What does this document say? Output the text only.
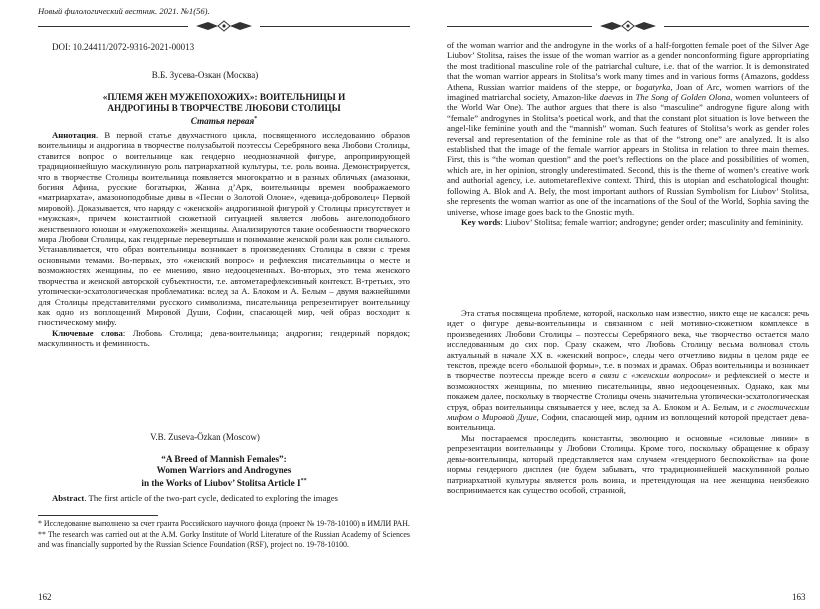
Новый филологический вестник. 2021. №1(56).
DOI: 10.24411/2072-9316-2021-00013
В.Б. Зусева-Озкан (Москва)
«ПЛЕМЯ ЖЕН МУЖЕПОХОЖИХ»: ВОИТЕЛЬНИЦЫ И
АНДРОГИНЫ В ТВОРЧЕСТВЕ ЛЮБОВИ СТОЛИЦЫ
Статья первая*

Аннотация. В первой статье двухчастного цикла, посвященного исследованию образов воительницы и андрогина в творчестве полузабытой поэтессы Серебряного века Любови Столицы, ставится вопрос о воительнице как гендерно неоднозначной фигуре, апроприирующей традиционнейшую маскулинную роль патриархатной культуры, т.е. роль воина. Демонстрируется, что в творчестве Столицы воительница появляется многократно и в разных обличьях (амазонки, богиня Афина, русские богатырки, Жанна д’Арк, воительницы времен воображаемого «матриархата», амазоноподобные дивы в «Песни о Золотой Олоне», «девица-доброволец» Первой мировой). Доказывается, что наряду с «женской» андрогинной фигурой у Столицы присутствует и «мужская», причем константной сюжетной ситуацией является любовь ангелоподобного женственного юноши и «мужепохожей» женщины. Анализируются такие особенности творческого мира Любови Столицы, как гендерные перевертыши и понимание женской роли как роли сильного. Устанавливается, что образ воительницы возникает в произведениях Столицы в связи с тремя основными темами. Во-первых, это «женский вопрос» и рефлексия писательницы о месте и возможностях женщины, по ее мнению, явно недооцененных. Во-вторых, это тема женского творчества и женской авторской субъектности, т.е. автометарефлексивный контекст. В-третьих, это утопически-эсхатологическая проблематика: вслед за А. Блоком и А. Белым – двумя важнейшими для Столицы представителями русского символизма, писательница репрезентирует воительницу как одно из воплощений Мировой Души, Софии, спасающей мир, чей образ восходит к гностическому мифу.

Ключевые слова: Любовь Столица; дева-воительница; андрогин; гендерный порядок; маскулинность и феминность.

V.B. Zuseva-Özkan (Moscow)
“A Breed of Mannish Females”:
Women Warriors and Androgynes
in the Works of Liubov’ Stolitsa Article I**

Abstract. The first article of the two-part cycle, dedicated to exploring the images

* Исследование выполнено за счет гранта Российского научного фонда (проект № 19-78-10100) в ИМЛИ РАН.

** The research was carried out at the A.M. Gorky Institute of World Literature of the Russian Academy of Sciences and was financially supported by the Russian Science Foundation (RSF), project no. 19-78-10100.

162

of the woman warrior and the androgyne in the works of a half-forgotten female poet of the Silver Age Liubov’ Stolitsa, raises the issue of the woman warrior as a gender nonconforming figure appropriating the most traditional masculine role of the patriarchal culture, i.e. that of the warrior. It is demonstrated that the woman warrior appears in Stolitsa’s work many times and in various forms (Amazons, goddess Athena, Russian warrior maidens of the steppe, or bogatyrka, Joan of Arc, women warriors of the imagined matriarchal society, Amazon-like daevas in The Song of Golden Olona, women volunteers of the World War One). The author argues that there is also “masculine” androgyne figure along with “female” androgynes in Stolitsa’s poetical work, and that the constant plot situation is love between the angel-like feminine youth and the “mannish” woman. Such features of Stolitsa’s work as gender roles reversal and representation of the feminine role as that of the “strong one” are analyzed. It is also established that the image of the female warrior appears in Stolitsa in relation to three main themes. First, this is “the woman question” and the poet’s reflections on the place and possibilities of women, which are, in her opinion, strongly underestimated. Second, this is the theme of women’s creative work and authorial agency, i.e. autometareflexive context. Third, this is utopian and eschatological thought: following A. Blok and A. Bely, the most important authors of Russian Symbolism for Liubov’ Stolitsa, she represents the woman warrior as one of the incarnations of the Soul of the World, Sophia saving the universe, whose image goes back to the Gnostic myth.

Key words: Liubov’ Stolitsa; female warrior; androgyne; gender order; masculinity and femininity.

Эта статья посвящена проблеме, которой, насколько нам известно, никто еще не касался: речь идет о фигуре девы-воительницы и связанном с ней мотивно-сюжетном комплексе в произведениях Любови Столицы – поэтессы Серебряного века, чье творчество остается мало исследованным до сих пор. Сразу скажем, что Любовь Столицу весьма волновал столь актуальный в начале XX в. «женский вопрос», следы чего отчетливо видны в целом ряде ее текстов, прежде всего «большой формы», т.е. в поэмах и драмах. Образ воительницы и возникает в творчестве поэтессы прежде всего в связи с «женским вопросом» и рефлексией о месте и возможностях женщины, по мнению писательницы, явно недооцененных. Однако, как мы покажем далее, поскольку в творчестве Столицы очень значительна утопически-эсхатологическая струя, образ воительницы связывается у нее, вслед за А. Блоком и А. Белым, и с гностическим мифом о Мировой Душе, Софии, спасающей мир, одним из воплощений которой предстает дева-воительница.

Мы постараемся проследить константы, эволюцию и основные «силовые линии» в репрезентации воительницы у Любови Столицы. Кроме того, поскольку обращение к образу девы-воительницы, который представляется нам случаем «гендерного беспокойства» на фоне нормы гендерного дисплея (не будем забывать, что традиционнейшей маскулинной ролью патриархатной культуры является роль воина, и претендующая на нее женщина неизбежно воспринимается как существо особой, странной,

163
